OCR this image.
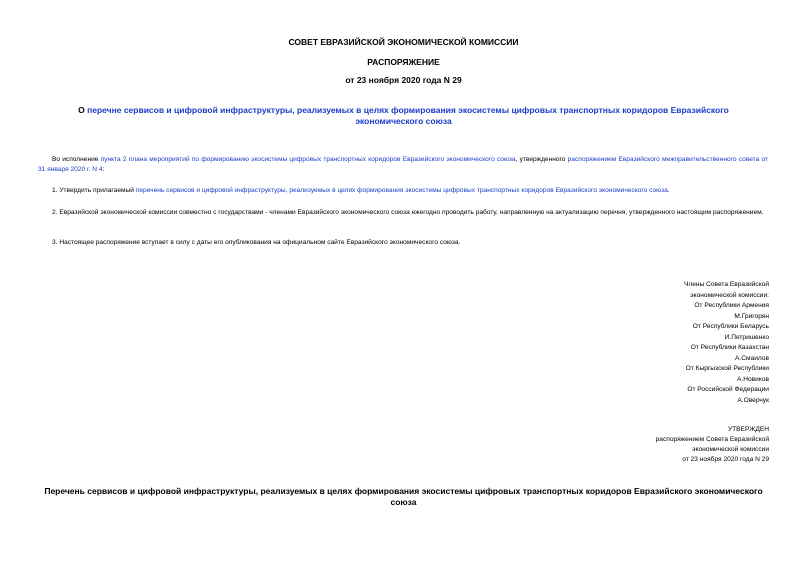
СОВЕТ ЕВРАЗИЙСКОЙ ЭКОНОМИЧЕСКОЙ КОМИССИИ
РАСПОРЯЖЕНИЕ
от 23 ноября 2020 года N 29
О перечне сервисов и цифровой инфраструктуры, реализуемых в целях формирования экосистемы цифровых транспортных коридоров Евразийского экономического союза
Во исполнение пункта 2 плана мероприятий по формированию экосистемы цифровых транспортных коридоров Евразийского экономического союза, утвержденного распоряжением Евразийского межправительственного совета от 31 января 2020 г. N 4:
1. Утвердить прилагаемый перечень сервисов и цифровой инфраструктуры, реализуемых в целях формирования экосистемы цифровых транспортных коридоров Евразийского экономического союза.
2. Евразийской экономической комиссии совместно с государствами - членами Евразийского экономического союза ежегодно проводить работу, направленную на актуализацию перечня, утвержденного настоящим распоряжением.
3. Настоящее распоряжение вступает в силу с даты его опубликования на официальном сайте Евразийского экономического союза.
Члены Совета Евразийской
экономической комиссии:
От Республики Армения
М.Григорян
От Республики Беларусь
И.Петришенко
От Республики Казахстан
А.Смаилов
От Кыргызской Республики
А.Новиков
От Российской Федерации
А.Оверчук
УТВЕРЖДЕН
распоряжением Совета Евразийской
экономической комиссии
от 23 ноября 2020 года N 29
Перечень сервисов и цифровой инфраструктуры, реализуемых в целях формирования экосистемы цифровых транспортных коридоров Евразийского экономического союза
